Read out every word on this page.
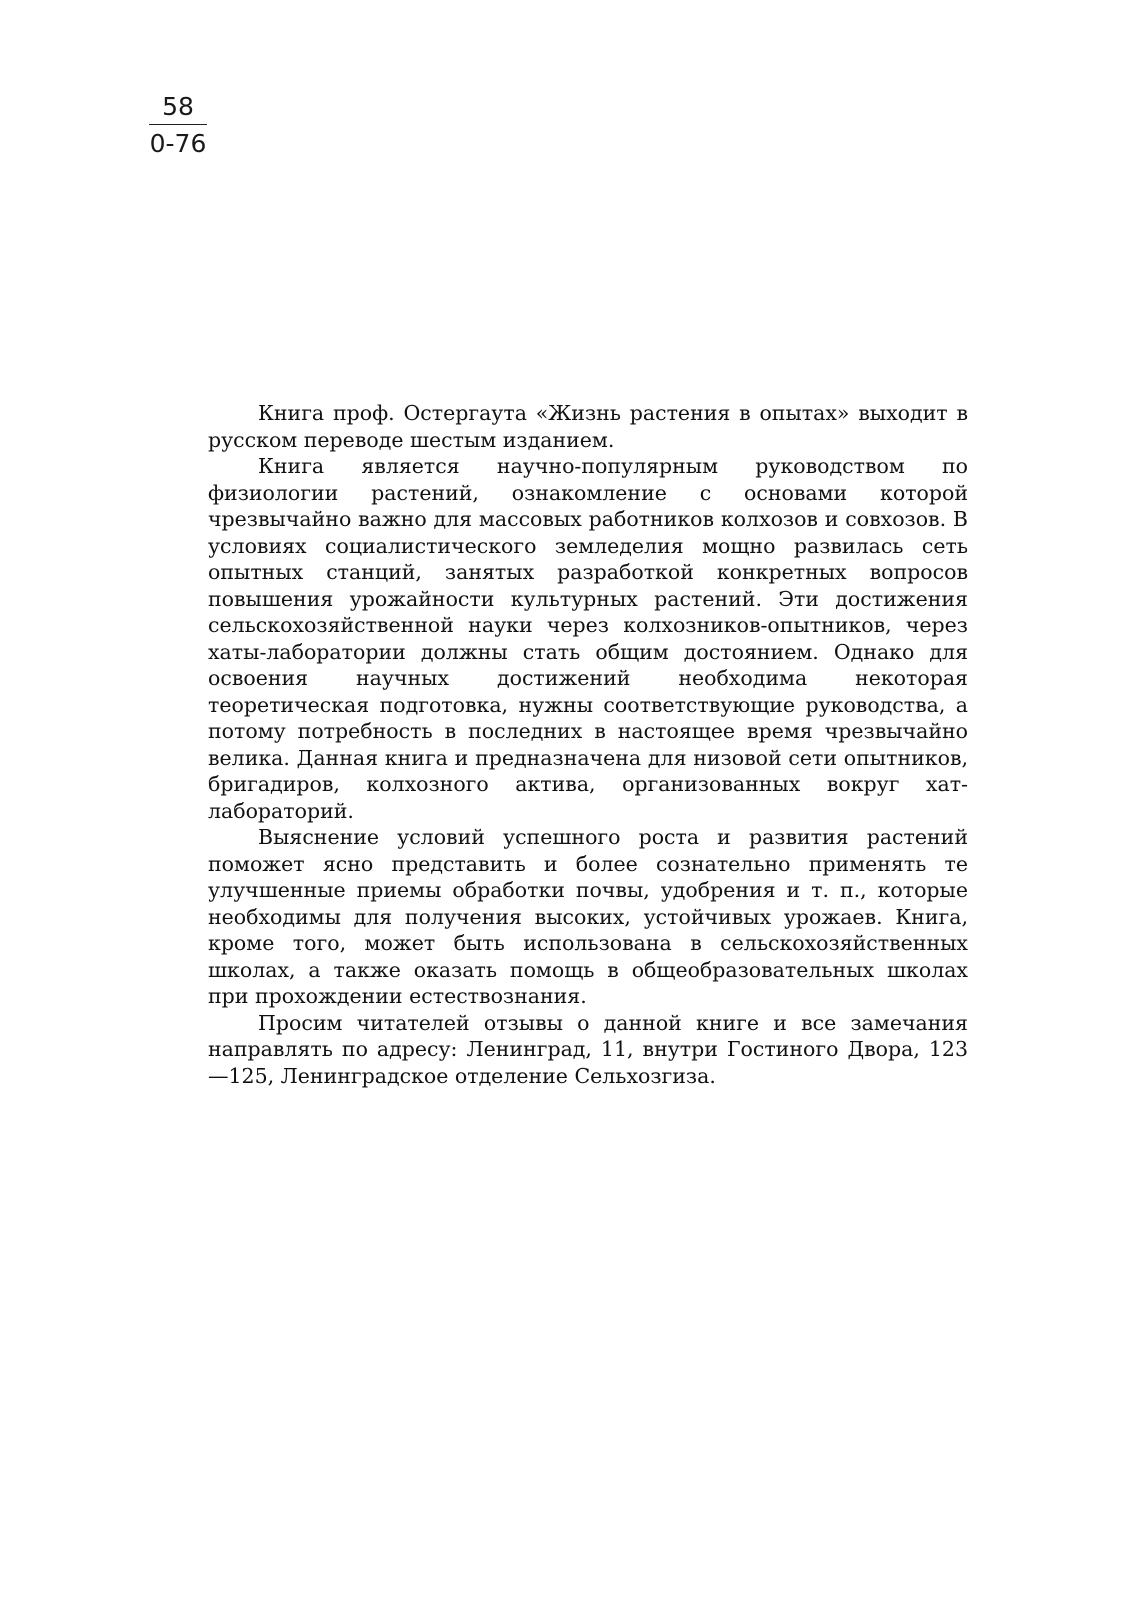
58
0-76

Книга проф. Остергаута «Жизнь растения в опытах» выходит в русском переводе шестым изданием.

Книга является научно-популярным руководством по физиологии растений, ознакомление с основами которой чрезвычайно важно для массовых работников колхозов и совхозов. В условиях социалистического земледелия мощно развилась сеть опытных станций, занятых разработкой конкретных вопросов повышения урожайности культурных растений. Эти достижения сельскохозяйственной науки через колхозников-опытников, через хаты-лаборатории должны стать общим достоянием. Однако для освоения научных достижений необходима некоторая теоретическая подготовка, нужны соответствующие руководства, а потому потребность в последних в настоящее время чрезвычайно велика. Данная книга и предназначена для низовой сети опытников, бригадиров, колхозного актива, организованных вокруг хат-лабораторий.

Выяснение условий успешного роста и развития растений поможет ясно представить и более сознательно применять те улучшенные приемы обработки почвы, удобрения и т. п., которые необходимы для получения высоких, устойчивых урожаев. Книга, кроме того, может быть использована в сельскохозяйственных школах, а также оказать помощь в общеобразовательных школах при прохождении естествознания.

Просим читателей отзывы о данной книге и все замечания направлять по адресу: Ленинград, 11, внутри Гостиного Двора, 123—125, Ленинградское отделение Сельхозгиза.
